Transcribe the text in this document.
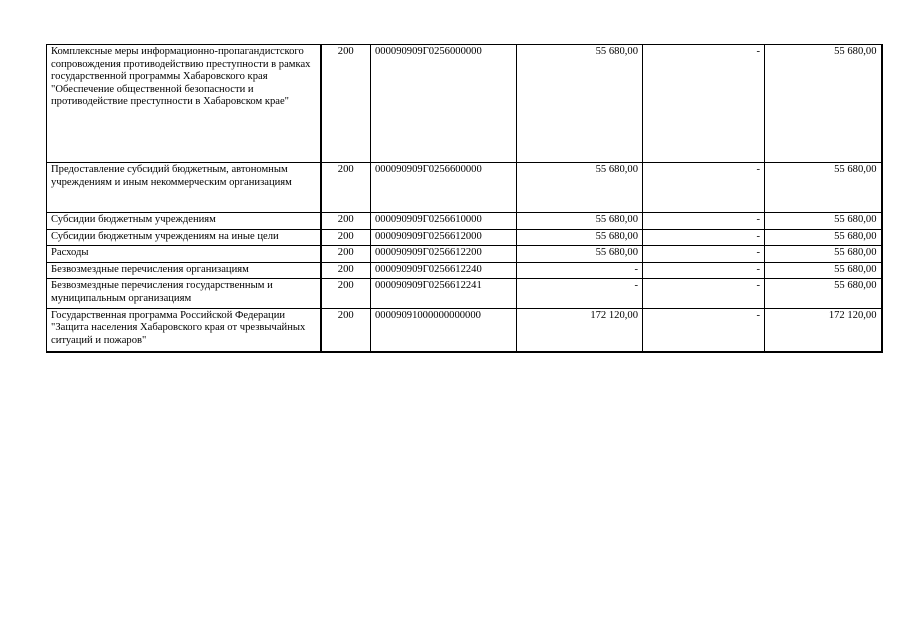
Комплексные меры информационно-пропагандистского сопровождения противодействию преступности в рамках государственной программы Хабаровского края "Обеспечение общественной безопасности и противодействие преступности в Хабаровском крае"	200	000090909Г0256000000	55 680,00	-	55 680,00
Предоставление субсидий бюджетным, автономным учреждениям и иным некоммерческим организациям	200	000090909Г0256600000	55 680,00	-	55 680,00
Субсидии бюджетным учреждениям	200	000090909Г0256610000	55 680,00	-	55 680,00
Субсидии бюджетным учреждениям на иные цели	200	000090909Г0256612000	55 680,00	-	55 680,00
Расходы	200	000090909Г0256612200	55 680,00	-	55 680,00
Безвозмездные перечисления организациям	200	000090909Г0256612240	-	-	55 680,00
Безвозмездные перечисления государственным и муниципальным организациям	200	000090909Г0256612241	-	-	55 680,00
Государственная программа Российской Федерации "Защита населения Хабаровского края от чрезвычайных ситуаций и пожаров"	200	00009091000000000000	172 120,00	-	172 120,00
